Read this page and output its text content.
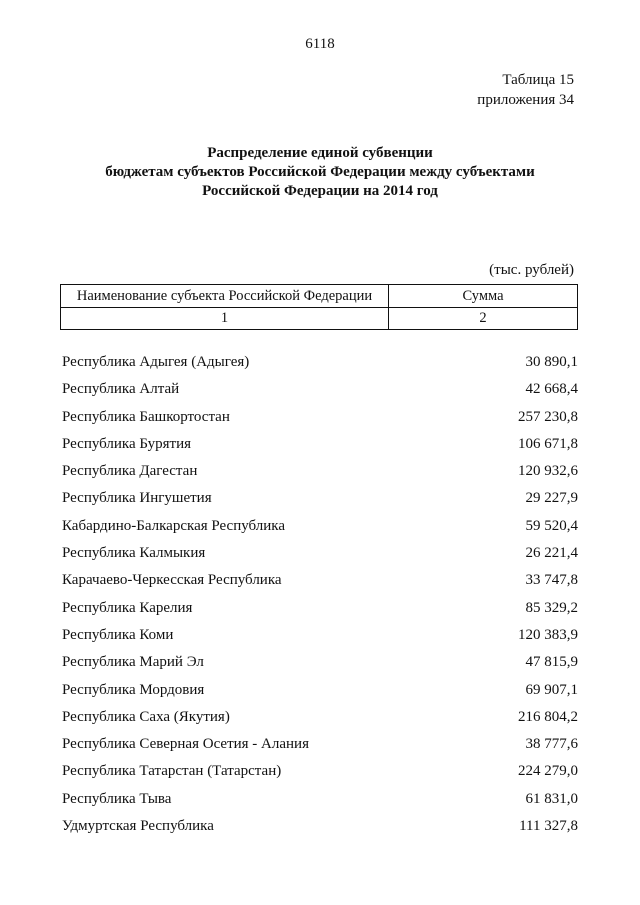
6118
Таблица 15
приложения 34
Распределение единой субвенции
бюджетам субъектов Российской Федерации между субъектами
Российской Федерации на 2014 год
(тыс. рублей)
Наименование субъекта Российской Федерации	Сумма
1	2
Республика Адыгея (Адыгея)	30 890,1
Республика Алтай	42 668,4
Республика Башкортостан	257 230,8
Республика Бурятия	106 671,8
Республика Дагестан	120 932,6
Республика Ингушетия	29 227,9
Кабардино-Балкарская Республика	59 520,4
Республика Калмыкия	26 221,4
Карачаево-Черкесская Республика	33 747,8
Республика Карелия	85 329,2
Республика Коми	120 383,9
Республика Марий Эл	47 815,9
Республика Мордовия	69 907,1
Республика Саха (Якутия)	216 804,2
Республика Северная Осетия - Алания	38 777,6
Республика Татарстан (Татарстан)	224 279,0
Республика Тыва	61 831,0
Удмуртская Республика	111 327,8
